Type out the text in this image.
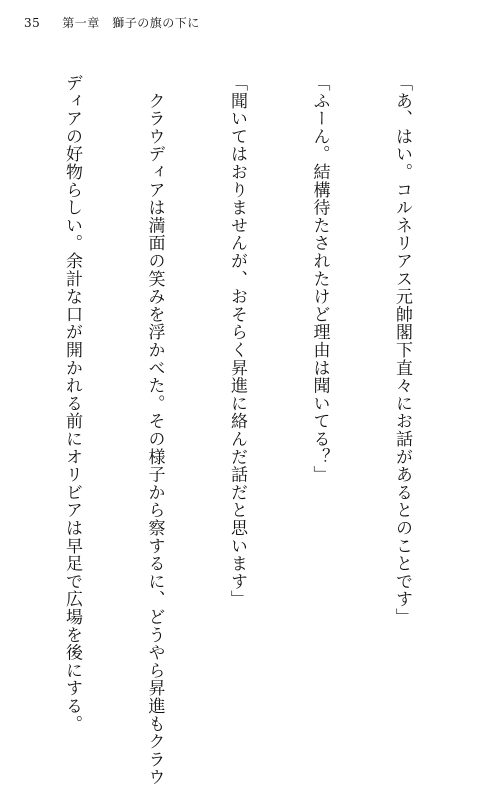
35 第一章　獅子の旗の下に

「あ、はい。コルネリアス元帥閣下直々にお話があるとのことです」

「ふーん。結構待たされたけど理由は聞いてる？」

「聞いてはおりませんが、おそらく昇進に絡んだ話だと思います」

　クラウディアは満面の笑みを浮かべた。その様子から察するに、どうやら昇進もクラウ

ディアの好物らしい。余計な口が開かれる前にオリビアは早足で広場を後にする。
